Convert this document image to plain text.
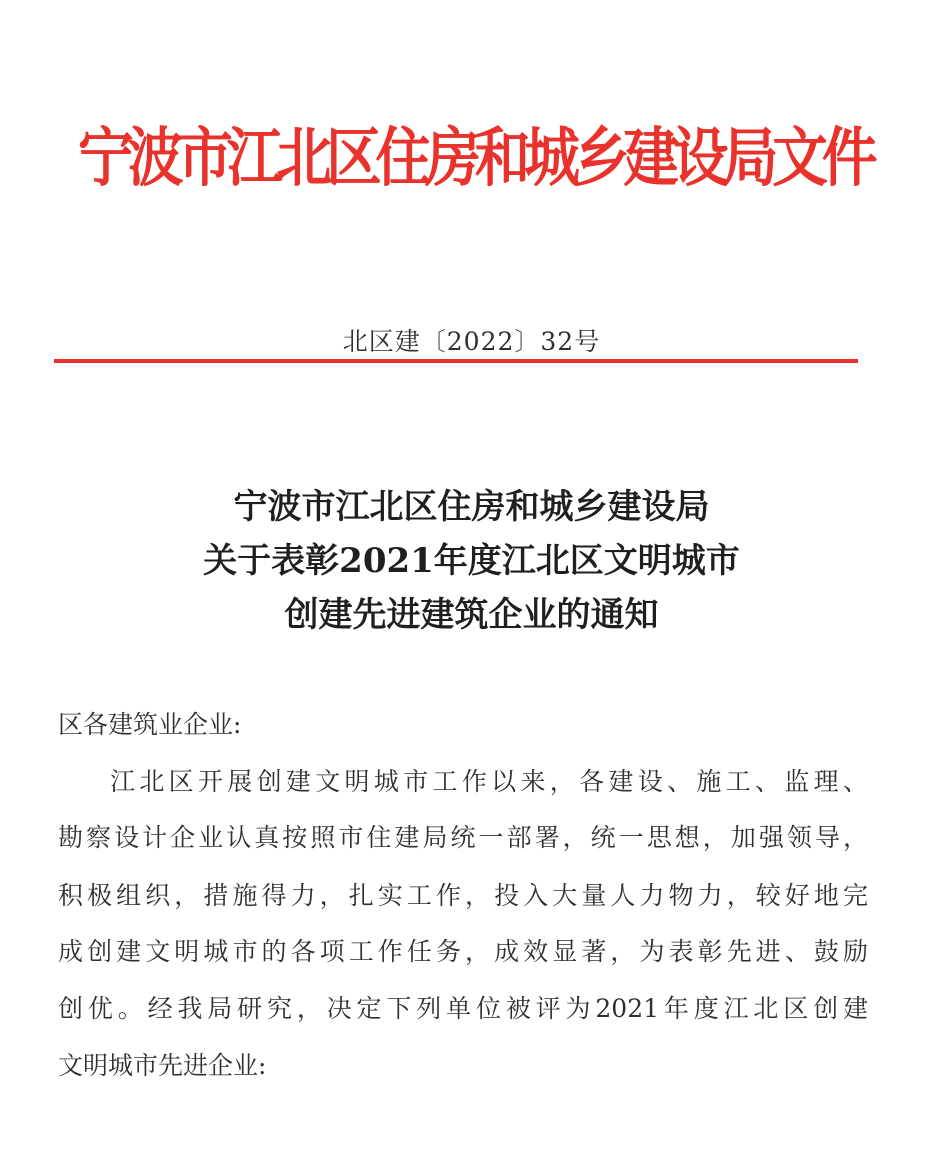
宁波市江北区住房和城乡建设局文件
北区建〔2022〕32号
宁波市江北区住房和城乡建设局
关于表彰2021年度江北区文明城市
创建先进建筑企业的通知
区各建筑业企业:
江北区开展创建文明城市工作以来，各建设、施工、监理、
勘察设计企业认真按照市住建局统一部署，统一思想，加强领导，
积极组织，措施得力，扎实工作，投入大量人力物力，较好地完
成创建文明城市的各项工作任务，成效显著，为表彰先进、鼓励
创优。经我局研究，决定下列单位被评为2021年度江北区创建
文明城市先进企业:
